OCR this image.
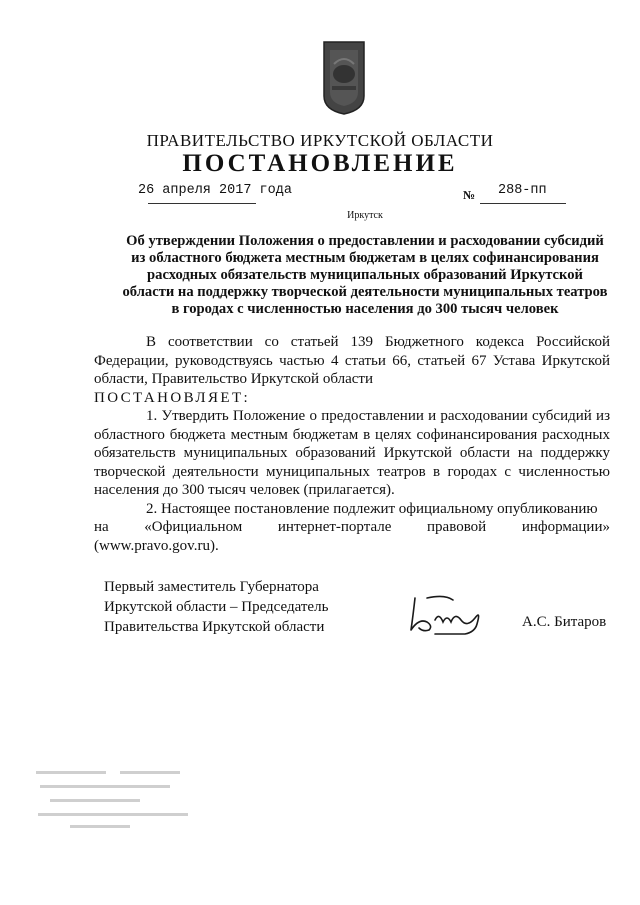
ПРАВИТЕЛЬСТВО ИРКУТСКОЙ ОБЛАСТИ
ПОСТАНОВЛЕНИЕ
26 апреля 2017 года	№ 288-пп
Иркутск
Об утверждении Положения о предоставлении и расходовании субсидий
из областного бюджета местным бюджетам в целях софинансирования
расходных обязательств муниципальных образований Иркутской
области на поддержку творческой деятельности муниципальных театров
в городах с численностью населения до 300 тысяч человек

В соответствии со статьей 139 Бюджетного кодекса Российской Федерации, руководствуясь частью 4 статьи 66, статьей 67 Устава Иркутской области, Правительство Иркутской области

ПОСТАНОВЛЯЕТ:

1. Утвердить Положение о предоставлении и расходовании субсидий из областного бюджета местным бюджетам в целях софинансирования расходных обязательств муниципальных образований Иркутской области на поддержку творческой деятельности муниципальных театров в городах с численностью населения до 300 тысяч человек (прилагается).

2. Настоящее постановление подлежит официальному опубликованию

на «Официальном интернет-портале правовой информации»

(www.pravo.gov.ru).

Первый заместитель Губернатора
Иркутской области – Председатель
Правительства Иркутской области	А.С. Битаров
